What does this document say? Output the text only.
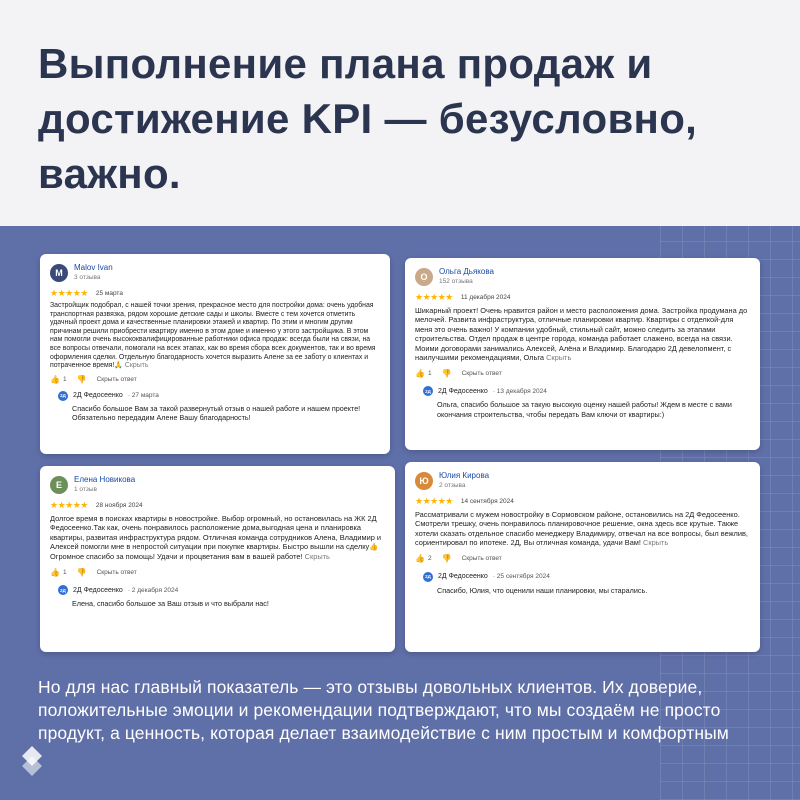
Выполнение плана продаж и достижение KPI — безусловно, важно.
M
Malov Ivan
3 отзыва
★★★★★ 25 марта
Застройщик подобрал, с нашей точки зрения, прекрасное место для постройки дома: очень удобная транспортная развязка, рядом хорошие детские сады и школы. Вместе с тем хочется отметить удачный проект дома и качественные планировки этажей и квартир. По этим и многим другим причинам решили приобрести квартиру именно в этом доме и именно у этого застройщика. В этом нам помогли очень высококвалифицированные работники офиса продаж: всегда были на связи, на все вопросы отвечали, помогали на всех этапах, как во время сбора всех документов, так и во время оформления сделки. Отдельную благодарность хочется выразить Алене за ее заботу о клиентах и потраченное время!🙏 Скрыть
👍 1 👎 Скрыть ответ
2Д	2Д Федосеенко · 27 марта
Спасибо большое Вам за такой развернутый отзыв о нашей работе и нашем проекте! Обязательно передадим Алене Вашу благодарность!
О
Ольга Дьякова
152 отзыва
★★★★★ 11 декабря 2024
Шикарный проект! Очень нравится район и место расположения дома. Застройка продумана до мелочей. Развита инфраструктура, отличные планировки квартир. Квартиры с отделкой-для меня это очень важно! У компании удобный, стильный сайт, можно следить за этапами строительства. Отдел продаж в центре города, команда работает слажено, всегда на связи. Моими договорами занимались Алексей, Алёна и Владимир. Благодарю 2Д девелопмент, с наилучшими рекомендациями, Ольга Скрыть
👍 1 👎 Скрыть ответ
2Д	2Д Федосеенко · 13 декабря 2024
Ольга, спасибо большое за такую высокую оценку нашей работы! Ждем в месте с вами окончания строительства, чтобы передать Вам ключи от квартиры:)
Е
Елена Новикова
1 отзыв
★★★★★ 28 ноября 2024
Долгое время в поисках квартиры в новостройке. Выбор огромный, но остановилась на ЖК 2Д Федосеенко.Так как, очень понравилось расположение дома,выгодная цена и планировка квартиры, развитая инфраструктура рядом. Отличная команда сотрудников Алена, Владимир и Алексей помогли мне в непростой ситуации при покупке квартиры. Быстро вышли на сделку👍Огромное спасибо за помощь! Удачи и процветания вам в вашей работе! Скрыть
👍 1 👎 Скрыть ответ
2Д	2Д Федосеенко · 2 декабря 2024
Елена, спасибо большое за Ваш отзыв и что выбрали нас!
Ю
Юлия Кирова
2 отзыва
★★★★★ 14 сентября 2024
Рассматривали с мужем новостройку в Сормовском районе, остановились на 2Д Федосеенко. Смотрели трешку, очень понравилось планировочное решение, окна здесь все крутые. Также хотели сказать отдельное спасибо менеджеру Владимиру, отвечал на все вопросы, был вежлив, сориентировал по ипотеке. 2Д, Вы отличная команда, удачи Вам! Скрыть
👍 2 👎 Скрыть ответ
2Д	2Д Федосеенко · 25 сентября 2024
Спасибо, Юлия, что оценили наши планировки, мы старались.
Но для нас главный показатель — это отзывы довольных клиентов. Их доверие, положительные эмоции и рекомендации подтверждают, что мы создаём не просто продукт, а ценность, которая делает взаимодействие с ним простым и комфортным
